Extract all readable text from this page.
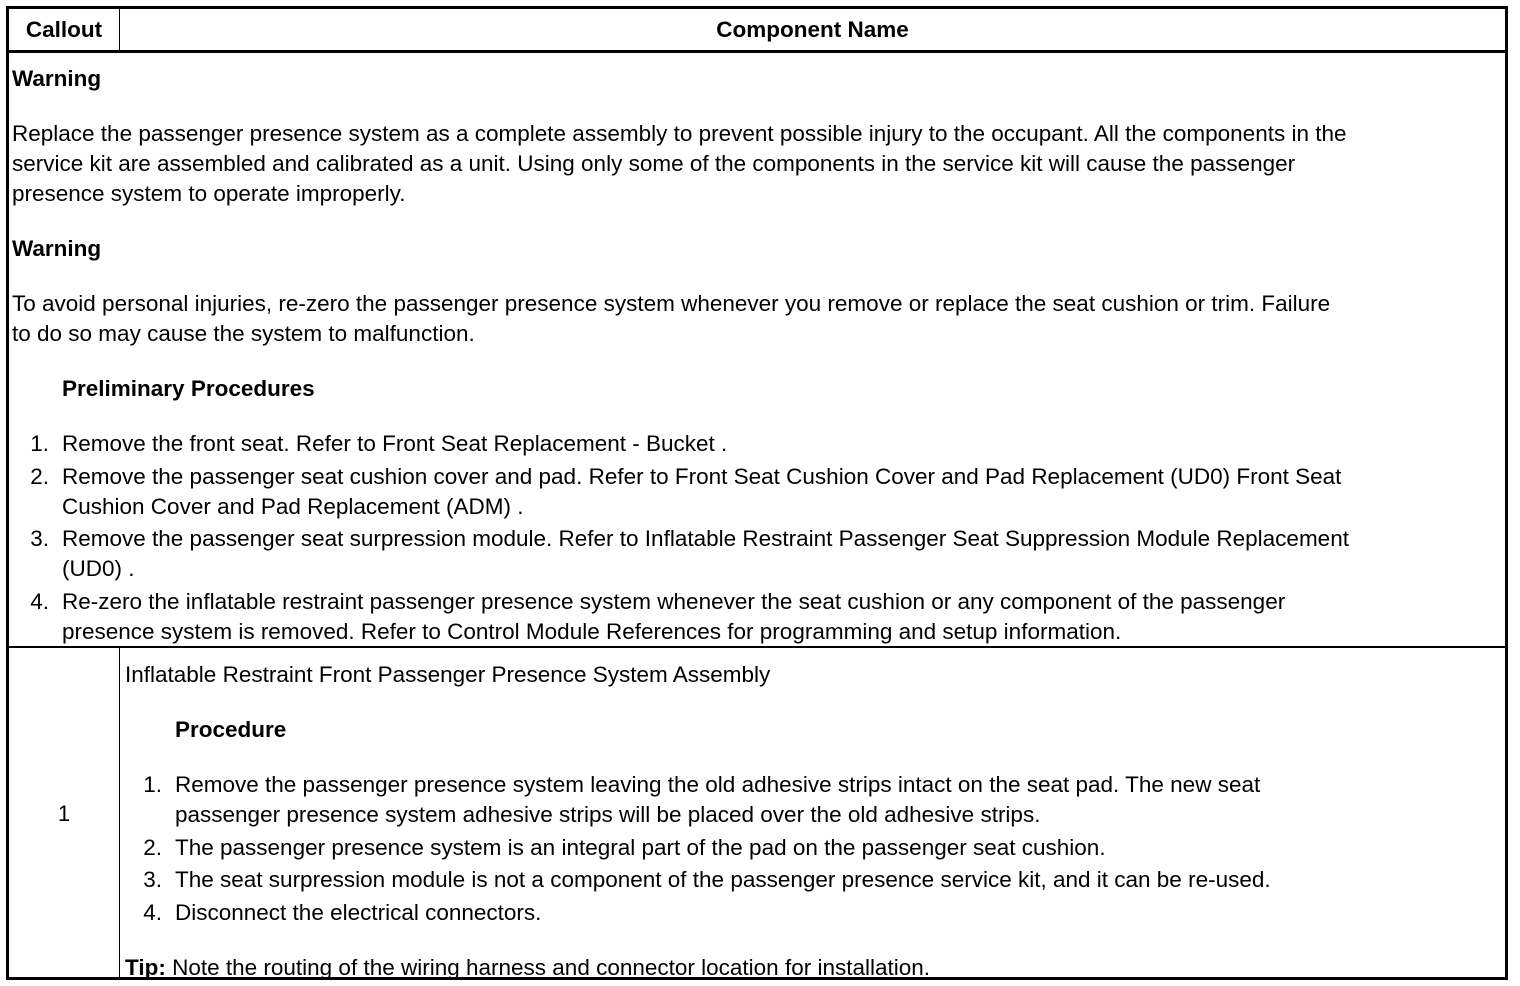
Callout	Component Name
Warning
Replace the passenger presence system as a complete assembly to prevent possible injury to the occupant. All the components in the
service kit are assembled and calibrated as a unit. Using only some of the components in the service kit will cause the passenger
presence system to operate improperly.
Warning
To avoid personal injuries, re-zero the passenger presence system whenever you remove or replace the seat cushion or trim. Failure
to do so may cause the system to malfunction.
Preliminary Procedures
1. Remove the front seat. Refer to Front Seat Replacement - Bucket .
2. Remove the passenger seat cushion cover and pad. Refer to Front Seat Cushion Cover and Pad Replacement (UD0) Front Seat
Cushion Cover and Pad Replacement (ADM) .
3. Remove the passenger seat surpression module. Refer to Inflatable Restraint Passenger Seat Suppression Module Replacement
(UD0) .
4. Re-zero the inflatable restraint passenger presence system whenever the seat cushion or any component of the passenger
presence system is removed. Refer to Control Module References for programming and setup information.
1
Inflatable Restraint Front Passenger Presence System Assembly
Procedure
1. Remove the passenger presence system leaving the old adhesive strips intact on the seat pad. The new seat
passenger presence system adhesive strips will be placed over the old adhesive strips.
2. The passenger presence system is an integral part of the pad on the passenger seat cushion.
3. The seat surpression module is not a component of the passenger presence service kit, and it can be re-used.
4. Disconnect the electrical connectors.
Tip: Note the routing of the wiring harness and connector location for installation.
